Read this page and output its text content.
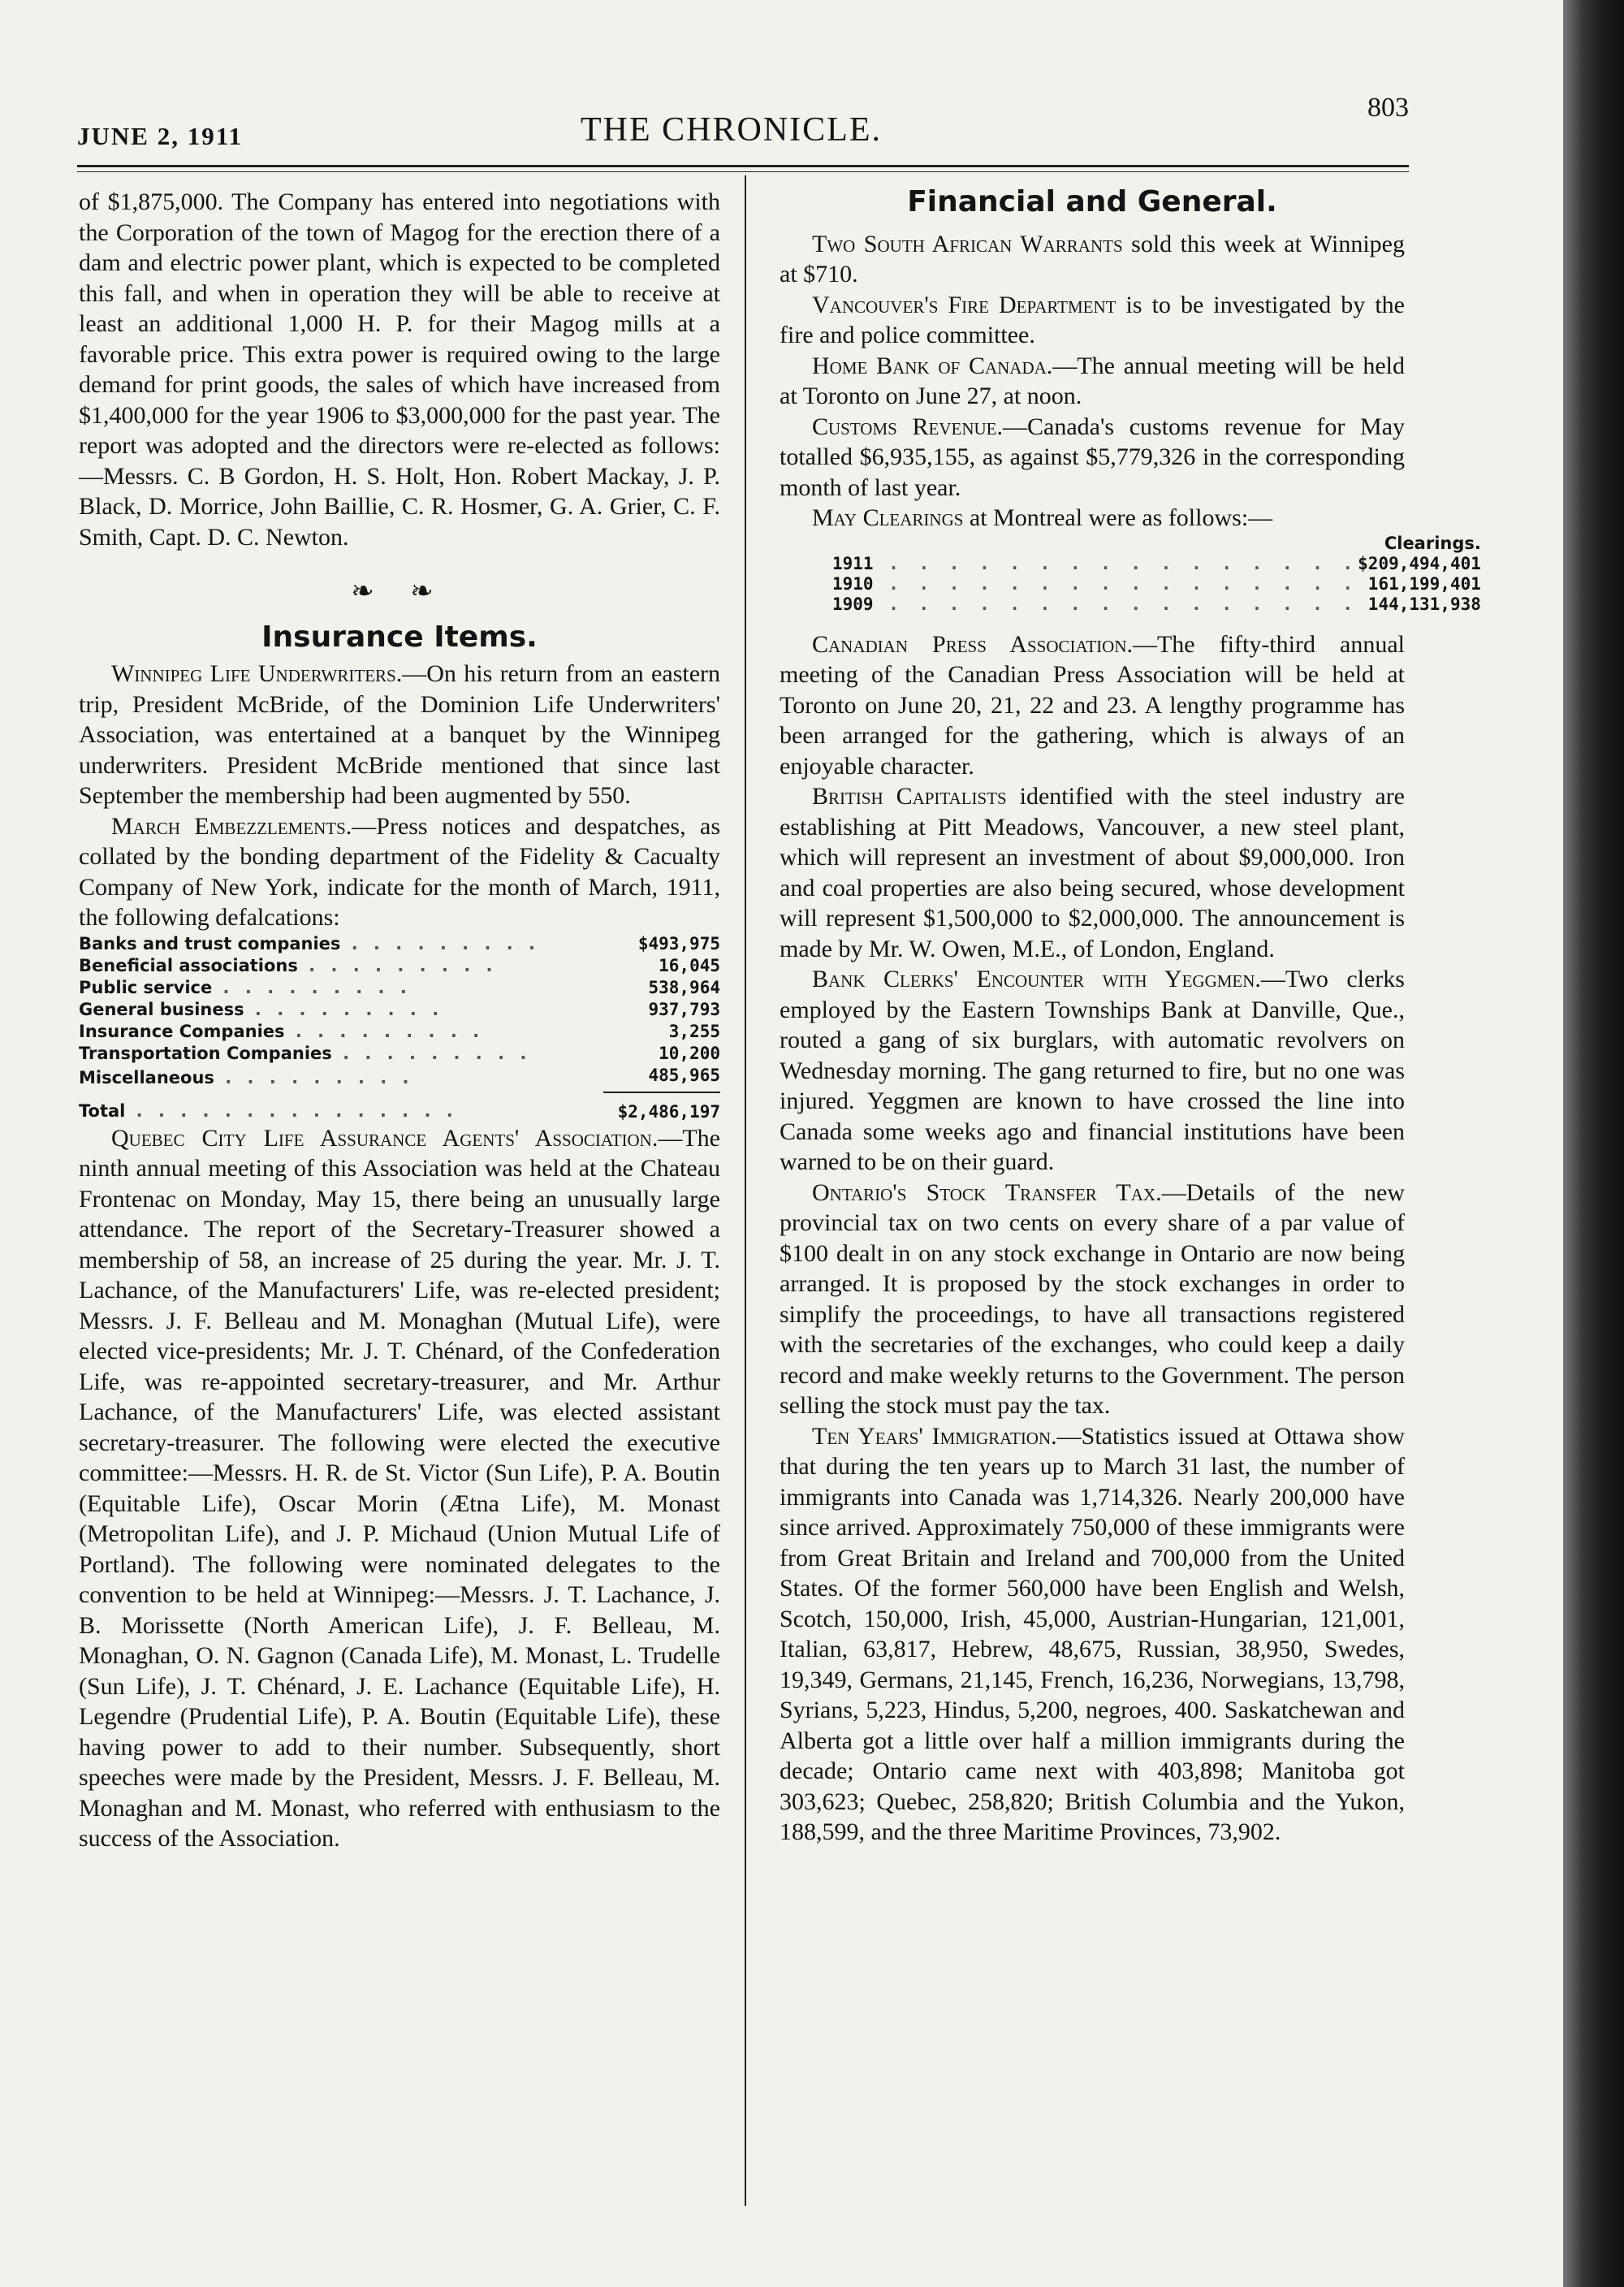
JUNE 2, 1911	THE CHRONICLE.
803

of $1,875,000. The Company has entered into negotiations with the Corporation of the town of Magog for the erection there of a dam and electric power plant, which is expected to be completed this fall, and when in operation they will be able to receive at least an additional 1,000 H. P. for their Magog mills at a favorable price. This extra power is required owing to the large demand for print goods, the sales of which have increased from $1,400,000 for the year 1906 to $3,000,000 for the past year. The report was adopted and the directors were re-elected as follows:—Messrs. C. B Gordon, H. S. Holt, Hon. Robert Mackay, J. P. Black, D. Morrice, John Baillie, C. R. Hosmer, G. A. Grier, C. F. Smith, Capt. D. C. Newton.

❧ ❧
Insurance Items.

Winnipeg Life Underwriters.—On his return from an eastern trip, President McBride, of the Dominion Life Underwriters' Association, was entertained at a banquet by the Winnipeg underwriters. President McBride mentioned that since last September the membership had been augmented by 550.

March Embezzlements.—Press notices and despatches, as collated by the bonding department of the Fidelity & Cacualty Company of New York, indicate for the month of March, 1911, the following defalcations:

Banks and trust companies . . . . . . . . .	$493,975
Beneficial associations . . . . . . . . .	16,045
Public service . . . . . . . . .	538,964
General business . . . . . . . . .	937,793
Insurance Companies . . . . . . . . .	3,255
Transportation Companies . . . . . . . . .	10,200
Miscellaneous . . . . . . . . .	485,965
Total . . . . . . . . . . . . . . .	$2,486,197

Quebec City Life Assurance Agents' Association.—The ninth annual meeting of this Association was held at the Chateau Frontenac on Monday, May 15, there being an unusually large attendance. The report of the Secretary-Treasurer showed a membership of 58, an increase of 25 during the year. Mr. J. T. Lachance, of the Manufacturers' Life, was re-elected president; Messrs. J. F. Belleau and M. Monaghan (Mutual Life), were elected vice-presidents; Mr. J. T. Chénard, of the Confederation Life, was re-appointed secretary-treasurer, and Mr. Arthur Lachance, of the Manufacturers' Life, was elected assistant secretary-treasurer. The following were elected the executive committee:—Messrs. H. R. de St. Victor (Sun Life), P. A. Boutin (Equitable Life), Oscar Morin (Ætna Life), M. Monast (Metropolitan Life), and J. P. Michaud (Union Mutual Life of Portland). The following were nominated delegates to the convention to be held at Winnipeg:—Messrs. J. T. Lachance, J. B. Morissette (North American Life), J. F. Belleau, M. Monaghan, O. N. Gagnon (Canada Life), M. Monast, L. Trudelle (Sun Life), J. T. Chénard, J. E. Lachance (Equitable Life), H. Legendre (Prudential Life), P. A. Boutin (Equitable Life), these having power to add to their number. Subsequently, short speeches were made by the President, Messrs. J. F. Belleau, M. Monaghan and M. Monast, who referred with enthusiasm to the success of the Association.

Financial and General.

Two South African Warrants sold this week at Winnipeg at $710.

Vancouver's Fire Department is to be investigated by the fire and police committee.

Home Bank of Canada.—The annual meeting will be held at Toronto on June 27, at noon.

Customs Revenue.—Canada's customs revenue for May totalled $6,935,155, as against $5,779,326 in the corresponding month of last year.

May Clearings at Montreal were as follows:—

	Clearings.
1911 . . . . . . . . . . . . . . . .	$209,494,401
1910 . . . . . . . . . . . . . . . .	161,199,401
1909 . . . . . . . . . . . . . . . .	144,131,938

Canadian Press Association.—The fifty-third annual meeting of the Canadian Press Association will be held at Toronto on June 20, 21, 22 and 23. A lengthy programme has been arranged for the gathering, which is always of an enjoyable character.

British Capitalists identified with the steel industry are establishing at Pitt Meadows, Vancouver, a new steel plant, which will represent an investment of about $9,000,000. Iron and coal properties are also being secured, whose development will represent $1,500,000 to $2,000,000. The announcement is made by Mr. W. Owen, M.E., of London, England.

Bank Clerks' Encounter with Yeggmen.—Two clerks employed by the Eastern Townships Bank at Danville, Que., routed a gang of six burglars, with automatic revolvers on Wednesday morning. The gang returned to fire, but no one was injured. Yeggmen are known to have crossed the line into Canada some weeks ago and financial institutions have been warned to be on their guard.

Ontario's Stock Transfer Tax.—Details of the new provincial tax on two cents on every share of a par value of $100 dealt in on any stock exchange in Ontario are now being arranged. It is proposed by the stock exchanges in order to simplify the proceedings, to have all transactions registered with the secretaries of the exchanges, who could keep a daily record and make weekly returns to the Government. The person selling the stock must pay the tax.

Ten Years' Immigration.—Statistics issued at Ottawa show that during the ten years up to March 31 last, the number of immigrants into Canada was 1,714,326. Nearly 200,000 have since arrived. Approximately 750,000 of these immigrants were from Great Britain and Ireland and 700,000 from the United States. Of the former 560,000 have been English and Welsh, Scotch, 150,000, Irish, 45,000, Austrian-Hungarian, 121,001, Italian, 63,817, Hebrew, 48,675, Russian, 38,950, Swedes, 19,349, Germans, 21,145, French, 16,236, Norwegians, 13,798, Syrians, 5,223, Hindus, 5,200, negroes, 400. Saskatchewan and Alberta got a little over half a million immigrants during the decade; Ontario came next with 403,898; Manitoba got 303,623; Quebec, 258,820; British Columbia and the Yukon, 188,599, and the three Maritime Provinces, 73,902.
